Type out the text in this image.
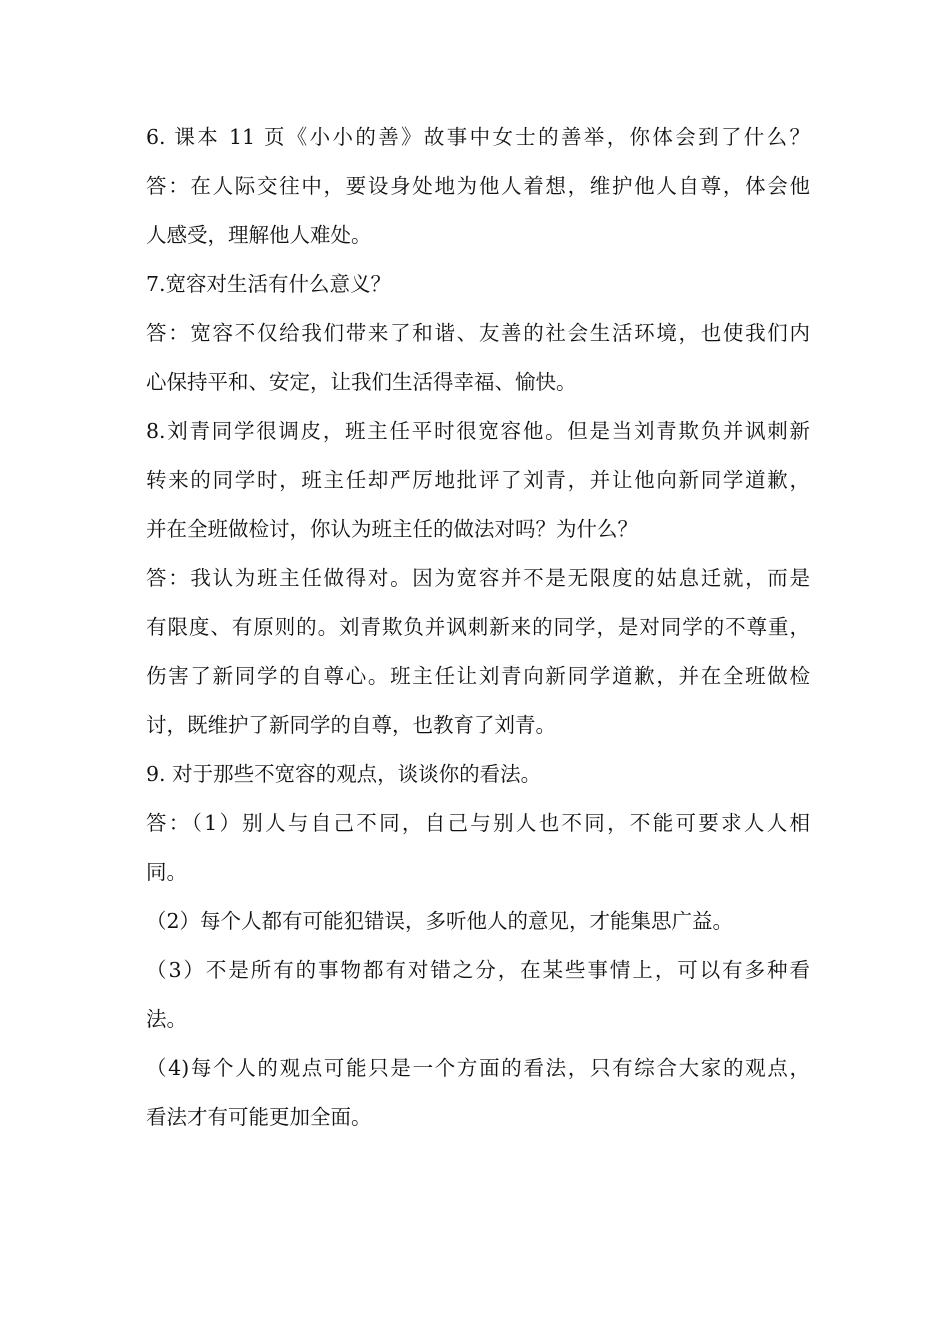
6. 课本 11 页《小小的善》故事中女士的善举，你体会到了什么？
答：在人际交往中，要设身处地为他人着想，维护他人自尊，体会他
人感受，理解他人难处。
7.宽容对生活有什么意义？
答：宽容不仅给我们带来了和谐、友善的社会生活环境，也使我们内
心保持平和、安定，让我们生活得幸福、愉快。
8.刘青同学很调皮，班主任平时很宽容他。但是当刘青欺负并讽刺新
转来的同学时，班主任却严厉地批评了刘青，并让他向新同学道歉，
并在全班做检讨，你认为班主任的做法对吗？为什么？
答：我认为班主任做得对。因为宽容并不是无限度的姑息迁就，而是
有限度、有原则的。刘青欺负并讽刺新来的同学，是对同学的不尊重，
伤害了新同学的自尊心。班主任让刘青向新同学道歉，并在全班做检
讨，既维护了新同学的自尊，也教育了刘青。
9. 对于那些不宽容的观点，谈谈你的看法。
答：（1）别人与自己不同，自己与别人也不同，不能可要求人人相
同。
（2）每个人都有可能犯错误，多听他人的意见，才能集思广益。
（3）不是所有的事物都有对错之分，在某些事情上，可以有多种看
法。
（4)每个人的观点可能只是一个方面的看法，只有综合大家的观点，
看法才有可能更加全面。
